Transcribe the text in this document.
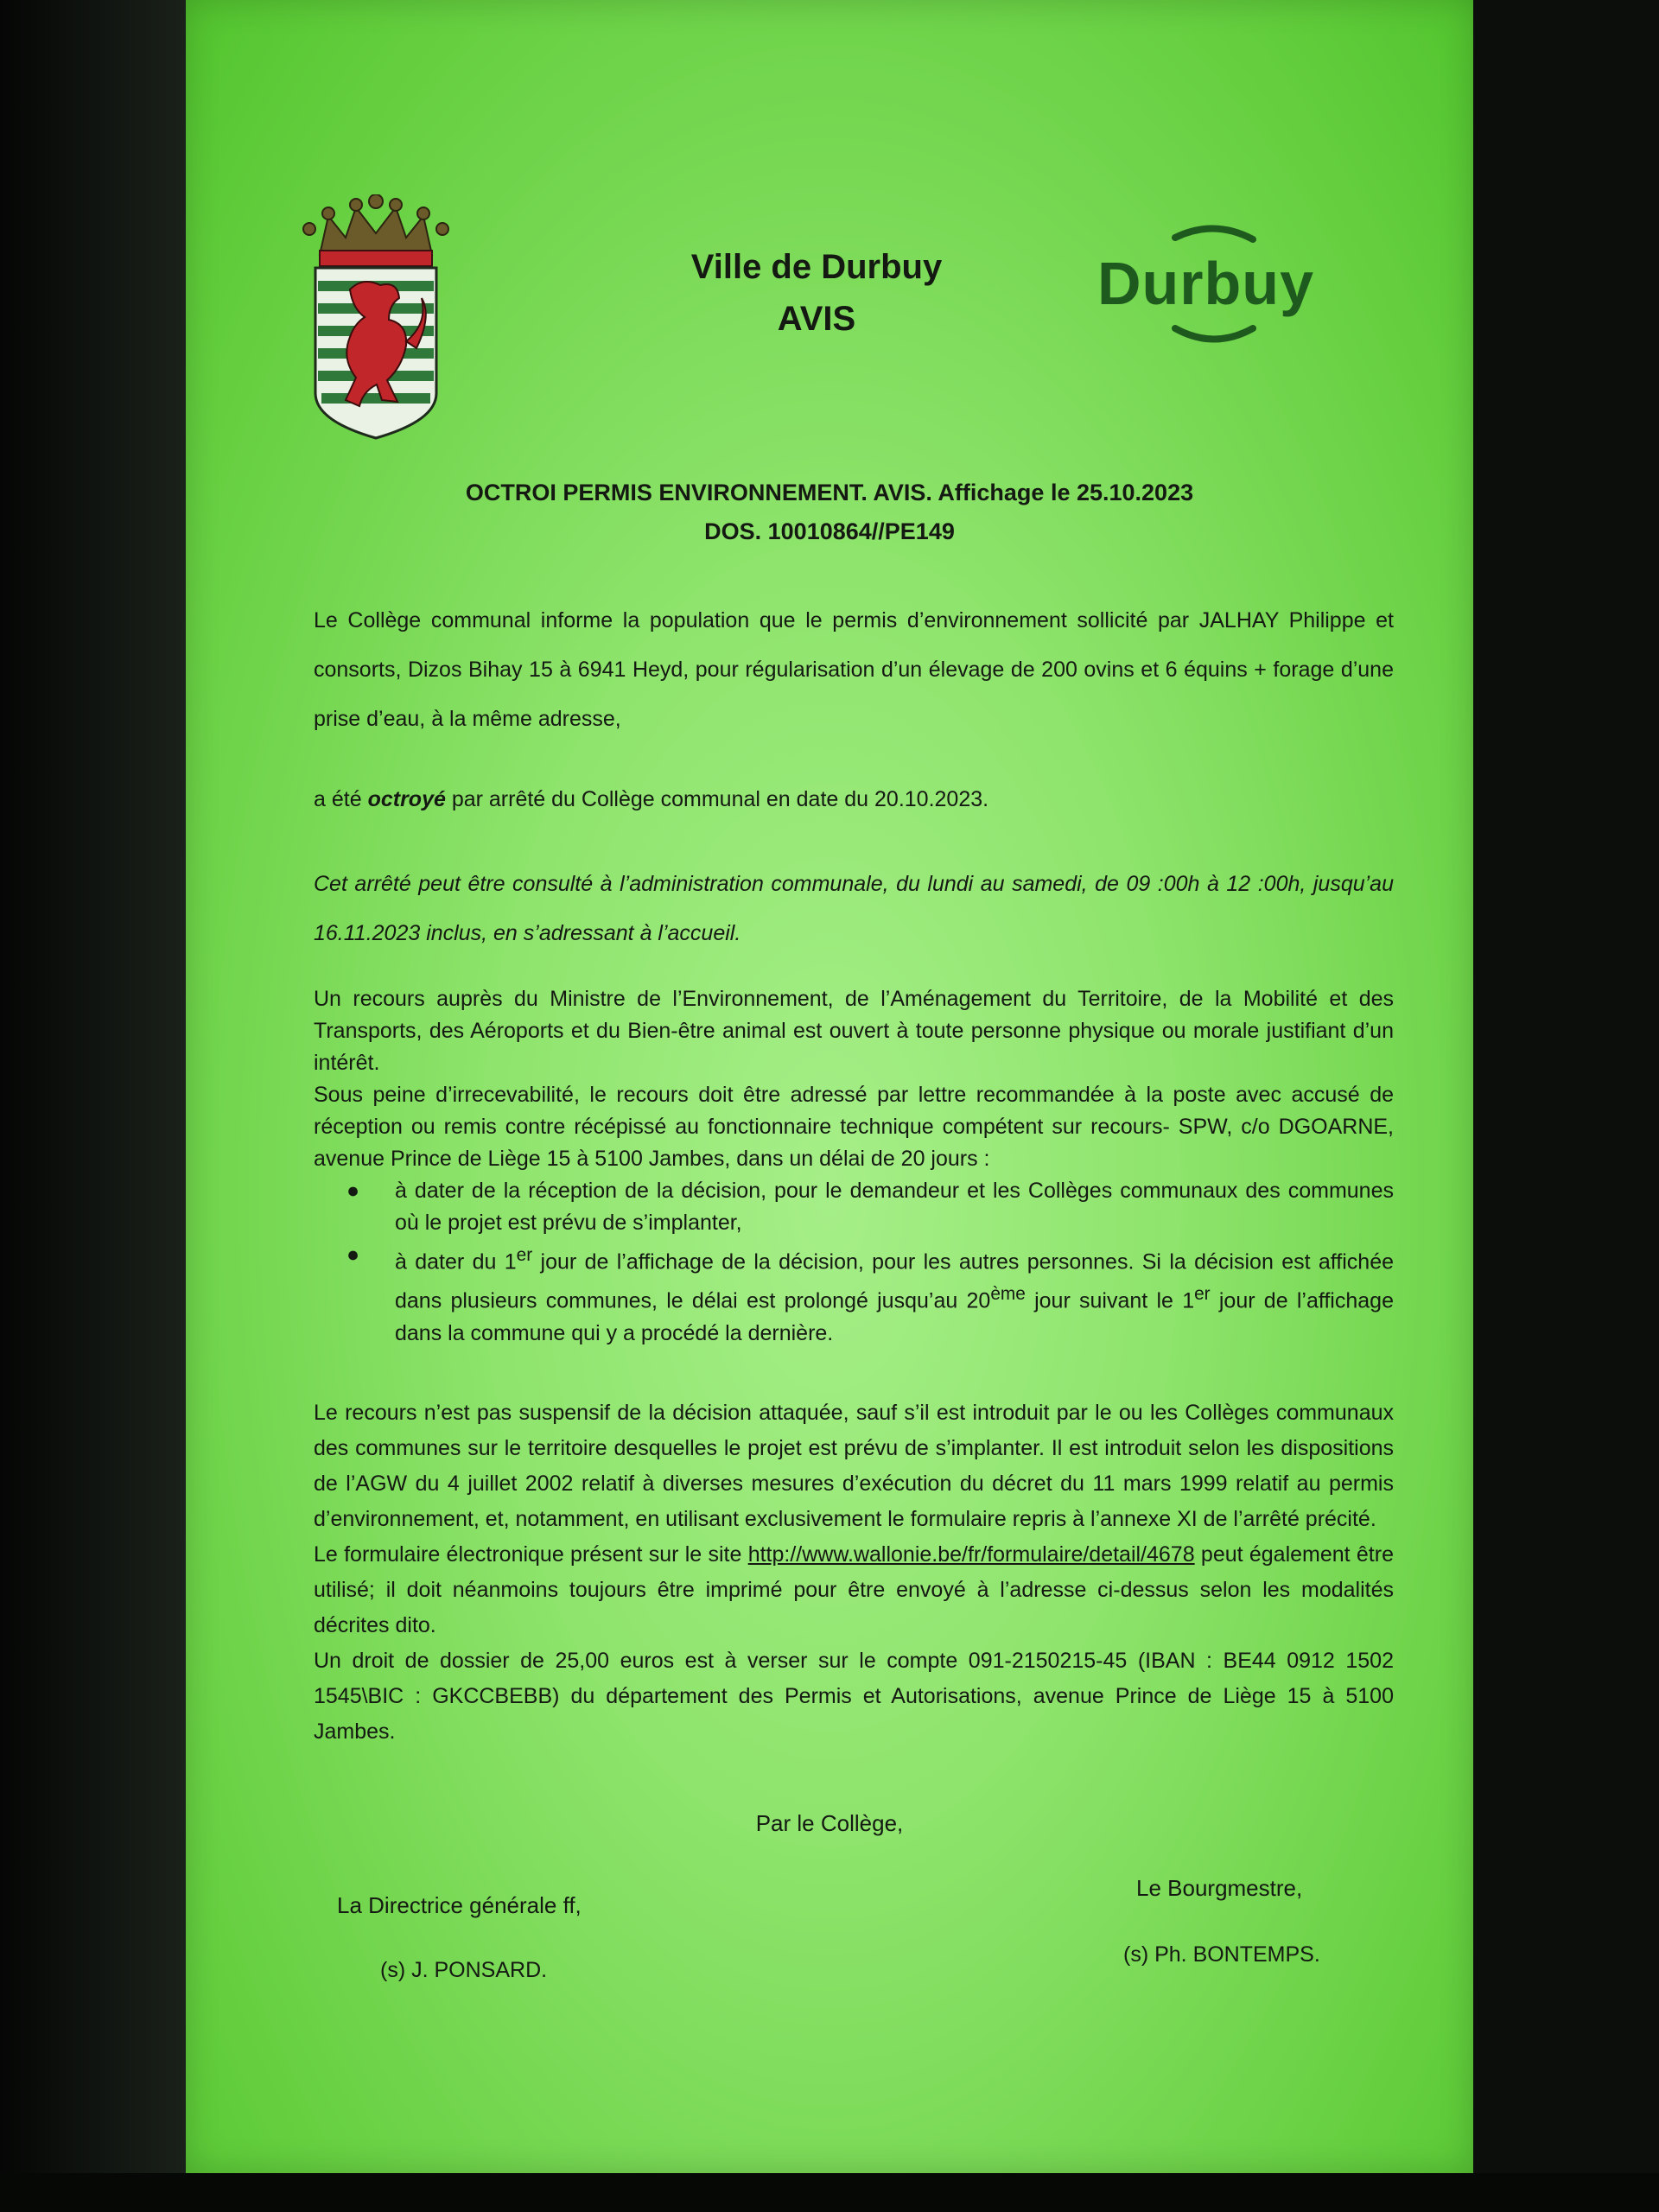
Ville de Durbuy
AVIS
Durbuy
OCTROI PERMIS ENVIRONNEMENT. AVIS. Affichage le 25.10.2023
DOS. 10010864//PE149
Le Collège communal informe la population que le permis d’environnement sollicité par JALHAY Philippe et consorts, Dizos Bihay 15 à 6941 Heyd, pour régularisation d’un élevage de 200 ovins et 6 équins + forage d’une prise d’eau, à la même adresse,
a été octroyé par arrêté du Collège communal en date du 20.10.2023.
Cet arrêté peut être consulté à l’administration communale, du lundi au samedi, de 09 :00h à 12 :00h, jusqu’au 16.11.2023 inclus, en s’adressant à l’accueil.
Un recours auprès du Ministre de l’Environnement, de l’Aménagement du Territoire, de la Mobilité et des Transports, des Aéroports et du Bien-être animal est ouvert à toute personne physique ou morale justifiant d’un intérêt.
Sous peine d’irrecevabilité, le recours doit être adressé par lettre recommandée à la poste avec accusé de réception ou remis contre récépissé au fonctionnaire technique compétent sur recours- SPW, c/o DGOARNE, avenue Prince de Liège 15 à 5100 Jambes, dans un délai de 20 jours :
● à dater de la réception de la décision, pour le demandeur et les Collèges communaux des communes où le projet est prévu de s’implanter,
● à dater du 1er jour de l’affichage de la décision, pour les autres personnes. Si la décision est affichée dans plusieurs communes, le délai est prolongé jusqu’au 20ème jour suivant le 1er jour de l’affichage dans la commune qui y a procédé la dernière.
Le recours n’est pas suspensif de la décision attaquée, sauf s’il est introduit par le ou les Collèges communaux des communes sur le territoire desquelles le projet est prévu de s’implanter. Il est introduit selon les dispositions de l’AGW du 4 juillet 2002 relatif à diverses mesures d’exécution du décret du 11 mars 1999 relatif au permis d’environnement, et, notamment, en utilisant exclusivement le formulaire repris à l’annexe XI de l’arrêté précité.
Le formulaire électronique présent sur le site http://www.wallonie.be/fr/formulaire/detail/4678 peut également être utilisé; il doit néanmoins toujours être imprimé pour être envoyé à l’adresse ci-dessus selon les modalités décrites dito.
Un droit de dossier de 25,00 euros est à verser sur le compte 091-2150215-45 (IBAN : BE44 0912 1502 1545\BIC : GKCCBEBB) du département des Permis et Autorisations, avenue Prince de Liège 15 à 5100 Jambes.
Par le Collège,
La Directrice générale ff,
(s) J. PONSARD.
Le Bourgmestre,
(s) Ph. BONTEMPS.
